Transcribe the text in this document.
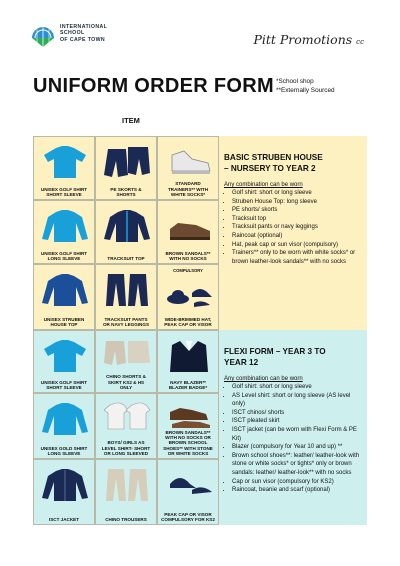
INTERNATIONAL
SCHOOL
OF CAPE TOWN	Pitt Promotions cc
UNIFORM ORDER FORM *School shop
**Externally Sourced
ITEM
UNISEX GOLF SHIRT
SHORT SLEEVE
PE SKORTS &
SHORTS
STANDARD
TRAINERS** WITH
WHITE SOCKS*
UNISEX GOLF SHIRT
LONG SLEEVE	TRACKSUIT TOP
BROWN SANDALS**
WITH NO SOCKS
UNISEX STRUBEN
HOUSE TOP
TRACKSUIT PANTS
OR NAVY LEGGINGS
COMPULSORY
WIDE-BRIMMED HAT,
PEAK CAP OR VISOR
BASIC STRUBEN HOUSE
– NURSERY TO YEAR 2
Any combination can be worn
• Golf shirt: short or long sleeve
• Struben House Top: long sleeve
• PE shorts/ skorts
• Tracksuit top
• Tracksuit pants or navy leggings
• Raincoat (optional)
• Hat, peak cap or sun visor (compulsory)
• Trainers** only to be worn with white socks* or brown leather-look sandals** with no socks
UNISEX GOLF SHIRT
SHORT SLEEVE
CHINO SHORTS &
SKIRT KS2 & HS
ONLY
NAVY BLAZER**
BLAZER BADGE*
UNISEX GOLD SHIRT
LONG SLEEVE
BOYS/ GIRLS AS
LEVEL SHIRT- SHORT
OR LONG SLEEVED
BROWN SANDALS**
WITH NO SOCKS OR
BROWN SCHOOL
SHOES** WITH STONE
OR WHITE SOCKS
ISCT JACKET	CHINO TROUSERS
PEAK CAP OR VISOR
COMPULSORY FOR KS2
FLEXI FORM – YEAR 3 TO
YEAR 12
Any combination can be worn
• Golf shirt: short or long sleeve
• AS Level shirt: short or long sleeve (AS level only)
• ISCT chinos/ shorts
• ISCT pleated skirt
• ISCT jacket (can be worn with Flexi Form & PE Kit)
• Blazer (compulsory for Year 10 and up) **
• Brown school shoes**: leather/ leather-look with stone or white socks* or tights* only or brown sandals: leather/ leather-look** with no socks
• Cap or sun visor (compulsory for KS2)
• Raincoat, beanie and scarf (optional)
